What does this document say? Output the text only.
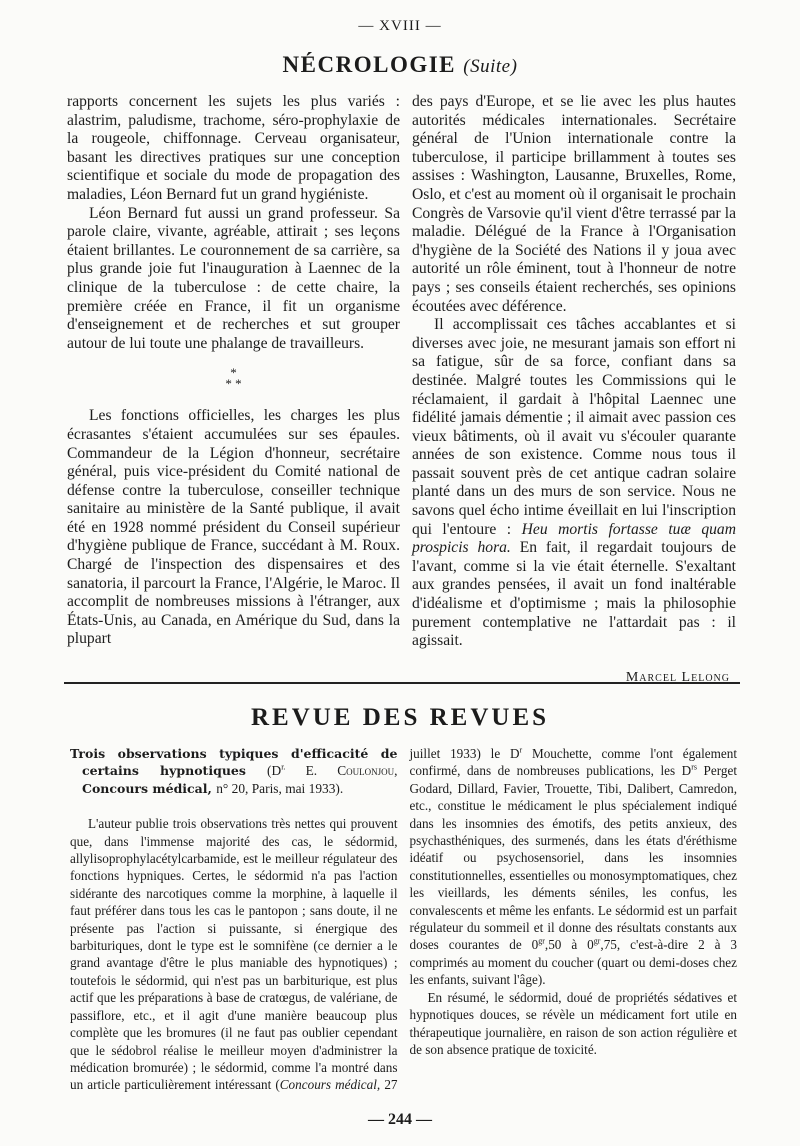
— XVIII —
NÉCROLOGIE (Suite)

rapports concernent les sujets les plus variés : alastrim, paludisme, trachome, séro-prophylaxie de la rougeole, chiffonnage. Cerveau organisateur, basant les directives pratiques sur une conception scientifique et sociale du mode de propagation des maladies, Léon Bernard fut un grand hygiéniste.

Léon Bernard fut aussi un grand professeur. Sa parole claire, vivante, agréable, attirait ; ses leçons étaient brillantes. Le couronnement de sa carrière, sa plus grande joie fut l'inauguration à Laennec de la clinique de la tuberculose : de cette chaire, la première créée en France, il fit un organisme d'enseignement et de recherches et sut grouper autour de lui toute une phalange de travailleurs.

*
* *

Les fonctions officielles, les charges les plus écrasantes s'étaient accumulées sur ses épaules. Commandeur de la Légion d'honneur, secrétaire général, puis vice-président du Comité national de défense contre la tuberculose, conseiller technique sanitaire au ministère de la Santé publique, il avait été en 1928 nommé président du Conseil supérieur d'hygiène publique de France, succédant à M. Roux. Chargé de l'inspection des dispensaires et des sanatoria, il parcourt la France, l'Algérie, le Maroc. Il accomplit de nombreuses missions à l'étranger, aux États-Unis, au Canada, en Amérique du Sud, dans la plupart

des pays d'Europe, et se lie avec les plus hautes autorités médicales internationales. Secrétaire général de l'Union internationale contre la tuberculose, il participe brillamment à toutes ses assises : Washington, Lausanne, Bruxelles, Rome, Oslo, et c'est au moment où il organisait le prochain Congrès de Varsovie qu'il vient d'être terrassé par la maladie. Délégué de la France à l'Organisation d'hygiène de la Société des Nations il y joua avec autorité un rôle éminent, tout à l'honneur de notre pays ; ses conseils étaient recherchés, ses opinions écoutées avec déférence.

Il accomplissait ces tâches accablantes et si diverses avec joie, ne mesurant jamais son effort ni sa fatigue, sûr de sa force, confiant dans sa destinée. Malgré toutes les Commissions qui le réclamaient, il gardait à l'hôpital Laennec une fidélité jamais démentie ; il aimait avec passion ces vieux bâtiments, où il avait vu s'écouler quarante années de son existence. Comme nous tous il passait souvent près de cet antique cadran solaire planté dans un des murs de son service. Nous ne savons quel écho intime éveillait en lui l'inscription qui l'entoure : Heu mortis fortasse tuæ quam prospicis hora. En fait, il regardait toujours de l'avant, comme si la vie était éternelle. S'exaltant aux grandes pensées, il avait un fond inaltérable d'idéalisme et d'optimisme ; mais la philosophie purement contemplative ne l'attardait pas : il agissait.

Marcel Lelong
REVUE DES REVUES

Trois observations typiques d'efficacité de certains hypnotiques ($D^{r.}$ E. Coulonjou, Concours médical, n° 20, Paris, mai 1933).

L'auteur publie trois observations très nettes qui prouvent que, dans l'immense majorité des cas, le sédormid, allylisoprophylacétylcarbamide, est le meilleur régulateur des fonctions hypniques. Certes, le sédormid n'a pas l'action sidérante des narcotiques comme la morphine, à laquelle il faut préférer dans tous les cas le pantopon ; sans doute, il ne présente pas l'action si puissante, si énergique des barbituriques, dont le type est le somnifène (ce dernier a le grand avantage d'être le plus maniable des hypnotiques) ; toutefois le sédormid, qui n'est pas un barbiturique, est plus actif que les préparations à base de cratœgus, de valériane, de passiflore, etc., et il agit d'une manière beaucoup plus complète que les bromures (il ne faut pas oublier cependant que le sédobrol réalise le meilleur moyen d'administrer la médication bromurée) ; le sédormid, comme l'a montré dans un article particulièrement intéressant (Concours médical, 27 juillet 1933) le $D^r$ Mouchette, comme l'ont également confirmé, dans de nombreuses publications, les $D^{rs}$ Perget Godard, Dillard, Favier, Trouette, Tibi, Dalibert, Camredon, etc., constitue le médicament le plus spécialement indiqué dans les insomnies des émotifs, des petits anxieux, des psychasthéniques, des surmenés, dans les états d'éréthisme idéatif ou psychosensoriel, dans les insomnies constitutionnelles, essentielles ou monosymptomatiques, chez les vieillards, les déments séniles, les confus, les convalescents et même les enfants. Le sédormid est un parfait régulateur du sommeil et il donne des résultats constants aux doses courantes de $0^{gr},50$ à $0^{gr},75$, c'est-à-dire 2 à 3 comprimés au moment du coucher (quart ou demi-doses chez les enfants, suivant l'âge).

En résumé, le sédormid, doué de propriétés sédatives et hypnotiques douces, se révèle un médicament fort utile en thérapeutique journalière, en raison de son action régulière et de son absence pratique de toxicité.

— 244 —
